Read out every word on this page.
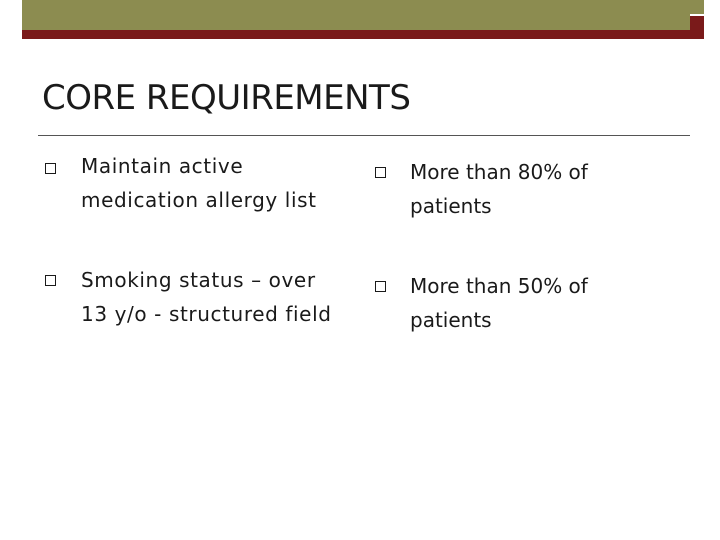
CORE REQUIREMENTS

Maintain active medication allergy list

Smoking status – over 13 y/o - structured field

More than 80% of patients

More than 50% of patients
